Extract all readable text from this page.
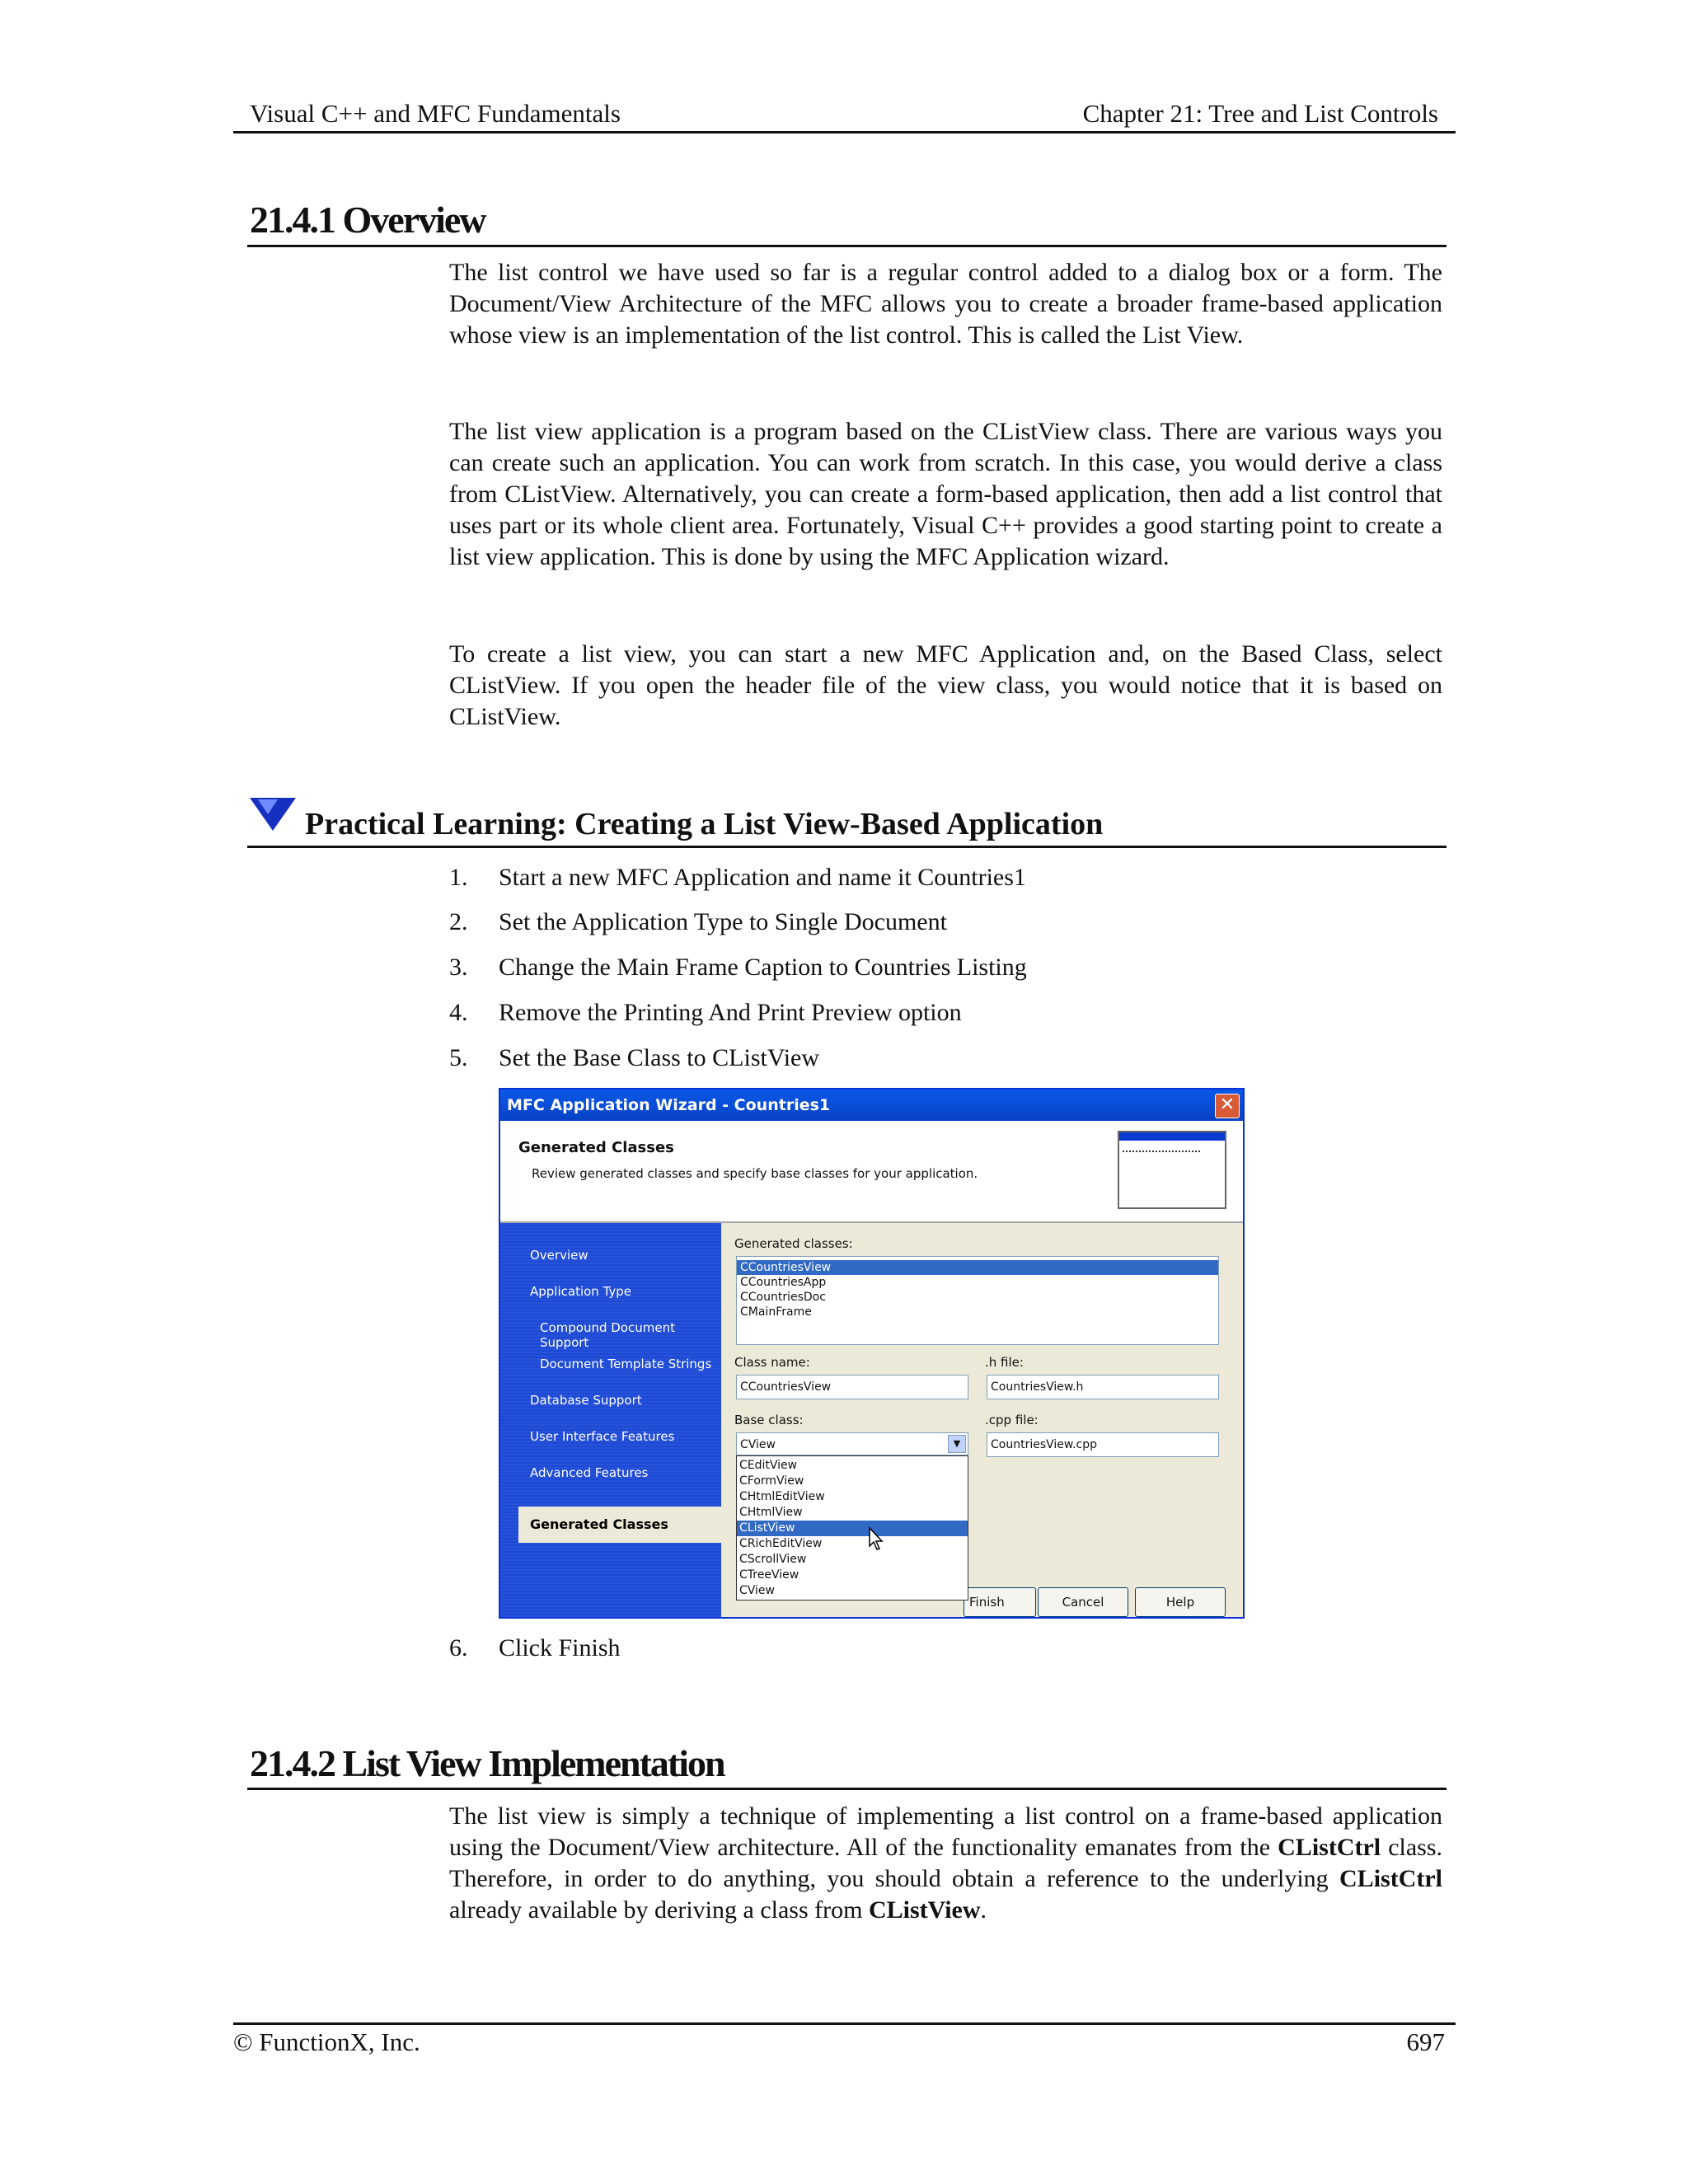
Visual C++ and MFC Fundamentals	Chapter 21: Tree and List Controls
21.4.1 Overview
The list control we have used so far is a regular control added to a dialog box or a form. The Document/View Architecture of the MFC allows you to create a broader frame-based application whose view is an implementation of the list control. This is called the List View.
The list view application is a program based on the CListView class. There are various ways you can create such an application. You can work from scratch. In this case, you would derive a class from CListView. Alternatively, you can create a form-based application, then add a list control that uses part or its whole client area. Fortunately, Visual C++ provides a good starting point to create a list view application. This is done by using the MFC Application wizard.
To create a list view, you can start a new MFC Application and, on the Based Class, select CListView. If you open the header file of the view class, you would notice that it is based on CListView.
Practical Learning: Creating a List View-Based Application
1. Start a new MFC Application and name it Countries1
2. Set the Application Type to Single Document
3. Change the Main Frame Caption to Countries Listing
4. Remove the Printing And Print Preview option
5. Set the Base Class to CListView
MFC Application Wizard - Countries1	✕
Generated Classes
Review generated classes and specify base classes for your application.
Overview
Application Type
Compound Document Support
Document Template Strings
Database Support
User Interface Features
Advanced Features
Generated Classes
Generated classes:
CCountriesView
CCountriesApp
CCountriesDoc
CMainFrame
Class name:
CCountriesView
.h file:
CountriesView.h
Base class:
CView	▼
.cpp file:
CountriesView.cpp
Finish	Cancel	Help
CEditView
CFormView
CHtmlEditView
CHtmlView
CListView
CRichEditView
CScrollView
CTreeView
CView
6. Click Finish
21.4.2 List View Implementation
The list view is simply a technique of implementing a list control on a frame-based application using the Document/View architecture. All of the functionality emanates from the CListCtrl class. Therefore, in order to do anything, you should obtain a reference to the underlying CListCtrl already available by deriving a class from CListView.
© FunctionX, Inc.	697
